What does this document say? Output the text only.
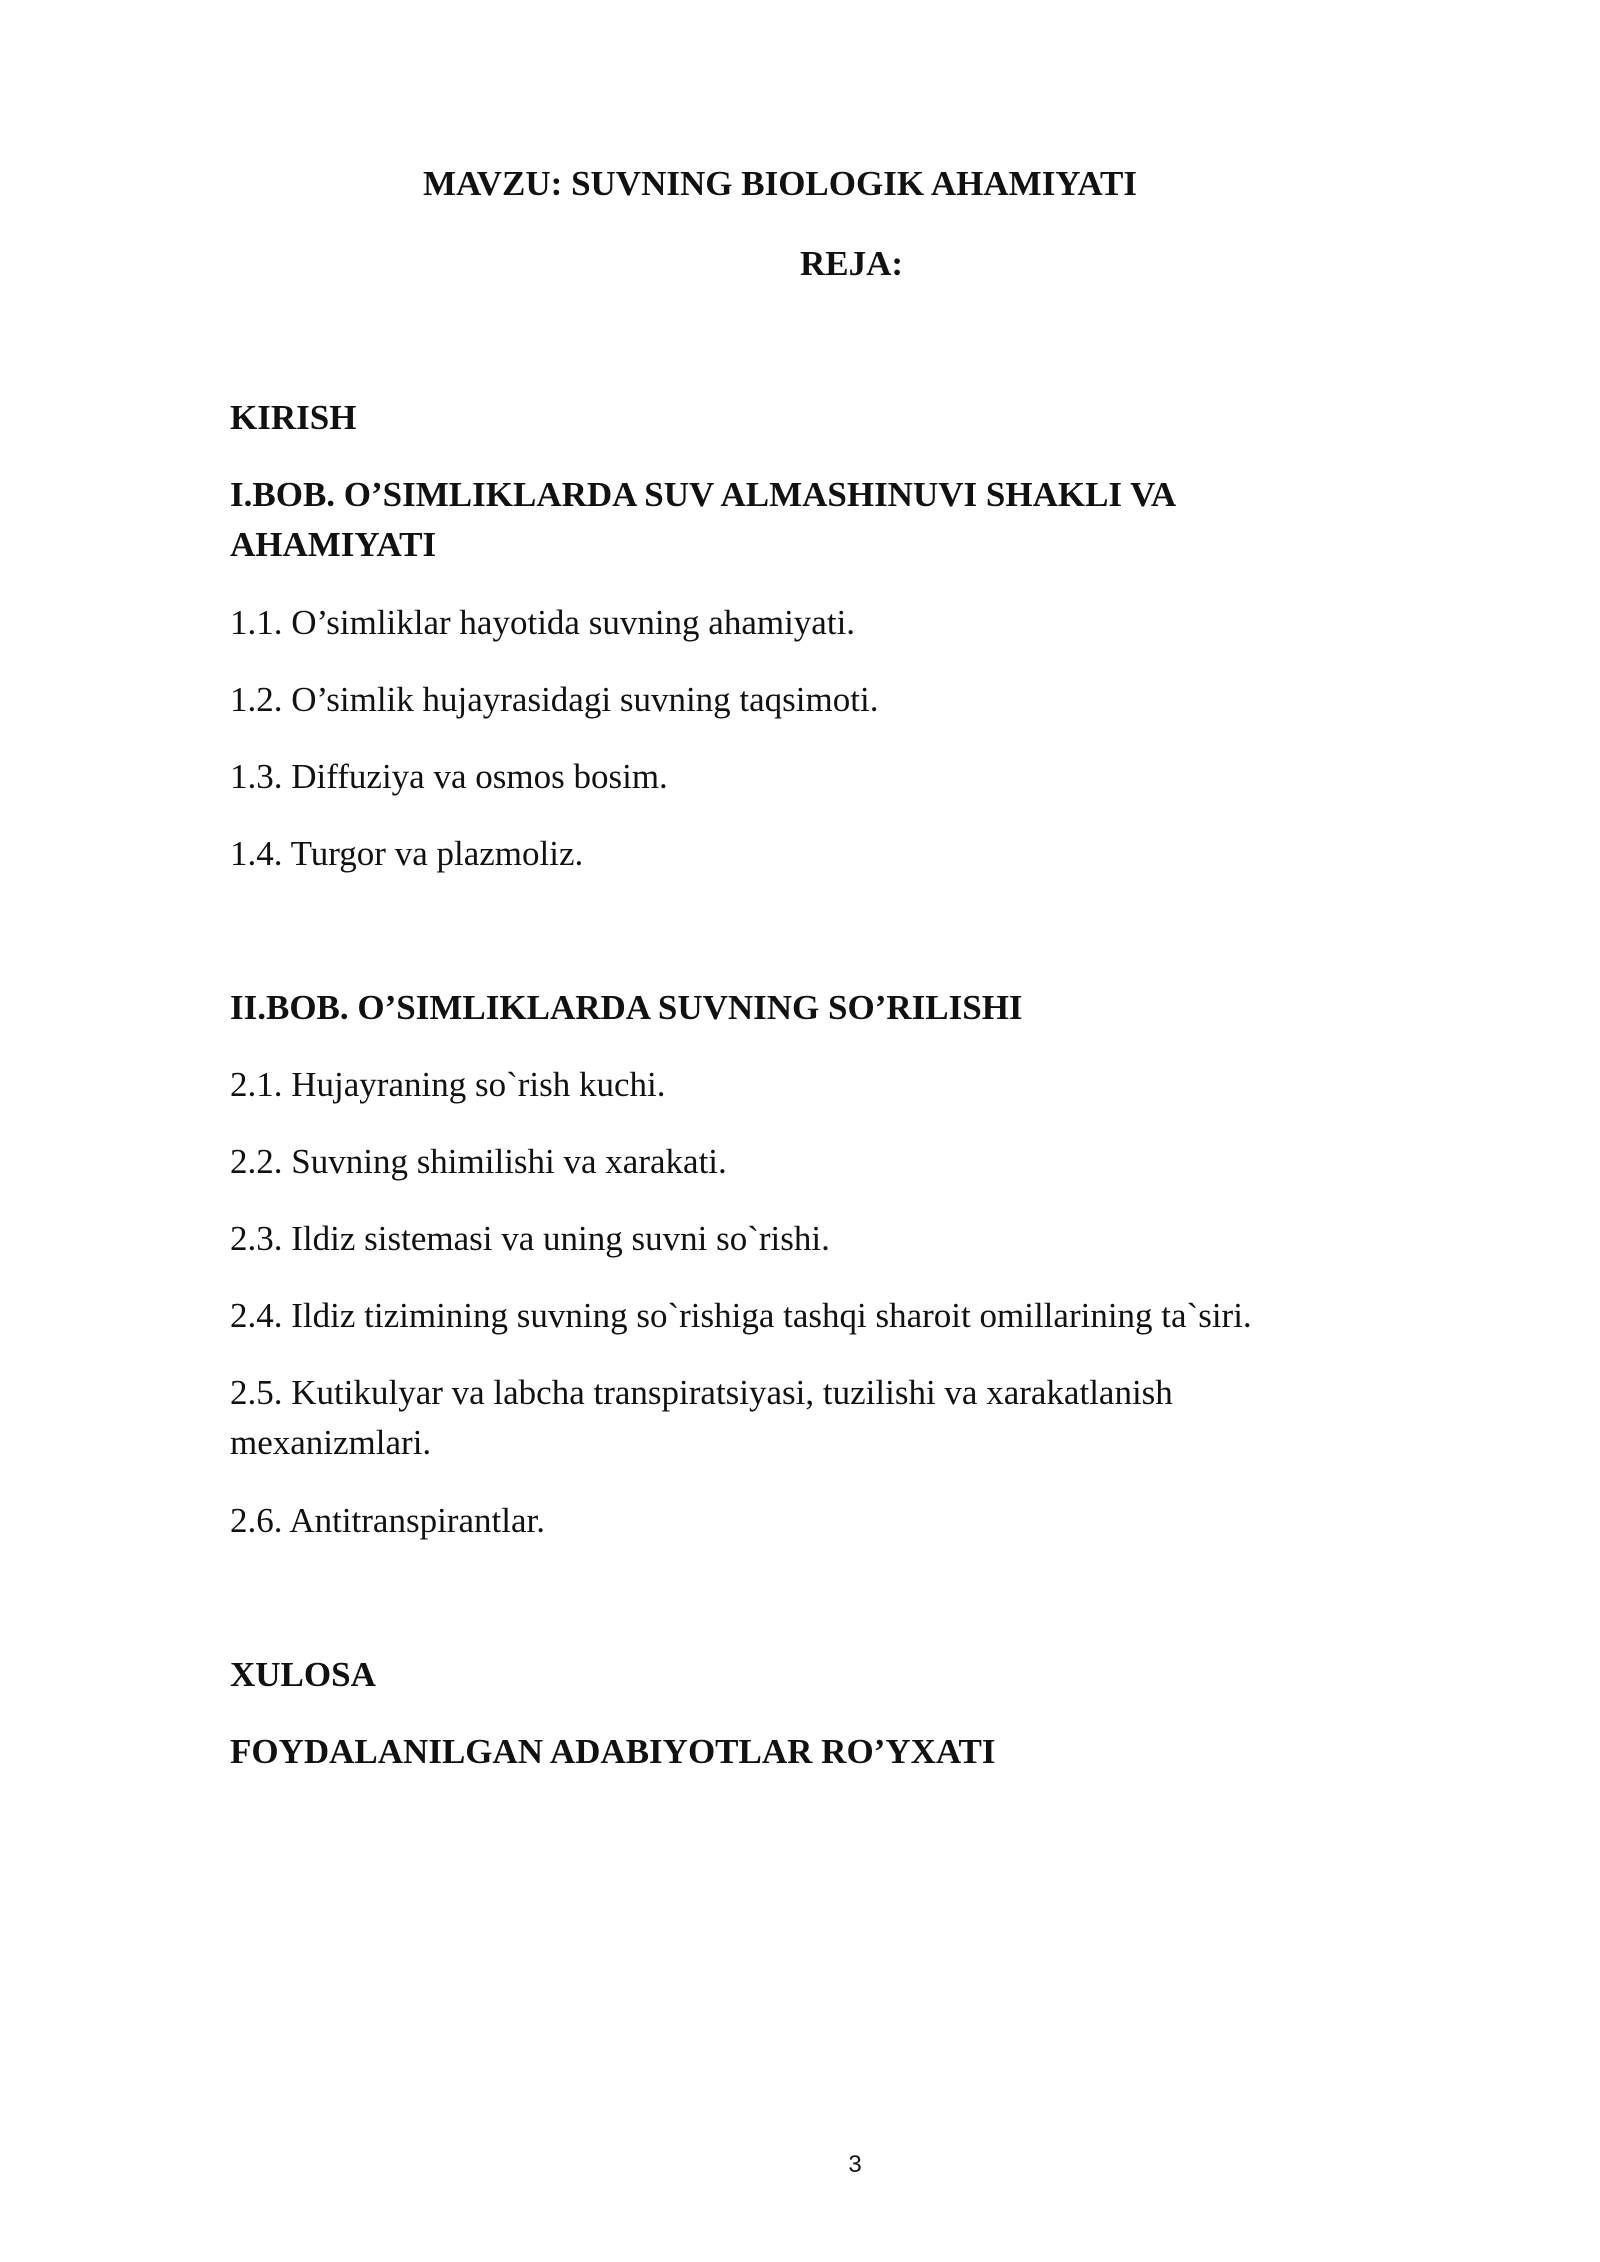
MAVZU: SUVNING BIOLOGIK AHAMIYATI
REJA:
KIRISH
I.BOB. O’SIMLIKLARDA SUV ALMASHINUVI SHAKLI VA AHAMIYATI
1.1. O’simliklar hayotida suvning ahamiyati.
1.2. O’simlik hujayrasidagi suvning taqsimoti.
1.3. Diffuziya va osmos bosim.
1.4. Turgor va plazmoliz.
II.BOB. O’SIMLIKLARDA SUVNING SO’RILISHI
2.1. Hujayraning so`rish kuchi.
2.2. Suvning shimilishi va xarakati.
2.3. Ildiz sistemasi va uning suvni so`rishi.
2.4. Ildiz tizimining suvning so`rishiga tashqi sharoit omillarining ta`siri.
2.5. Kutikulyar va labcha transpiratsiyasi, tuzilishi va xarakatlanish mexanizmlari.
2.6. Antitranspirantlar.
XULOSA
FOYDALANILGAN ADABIYOTLAR RO’YXATI
3
